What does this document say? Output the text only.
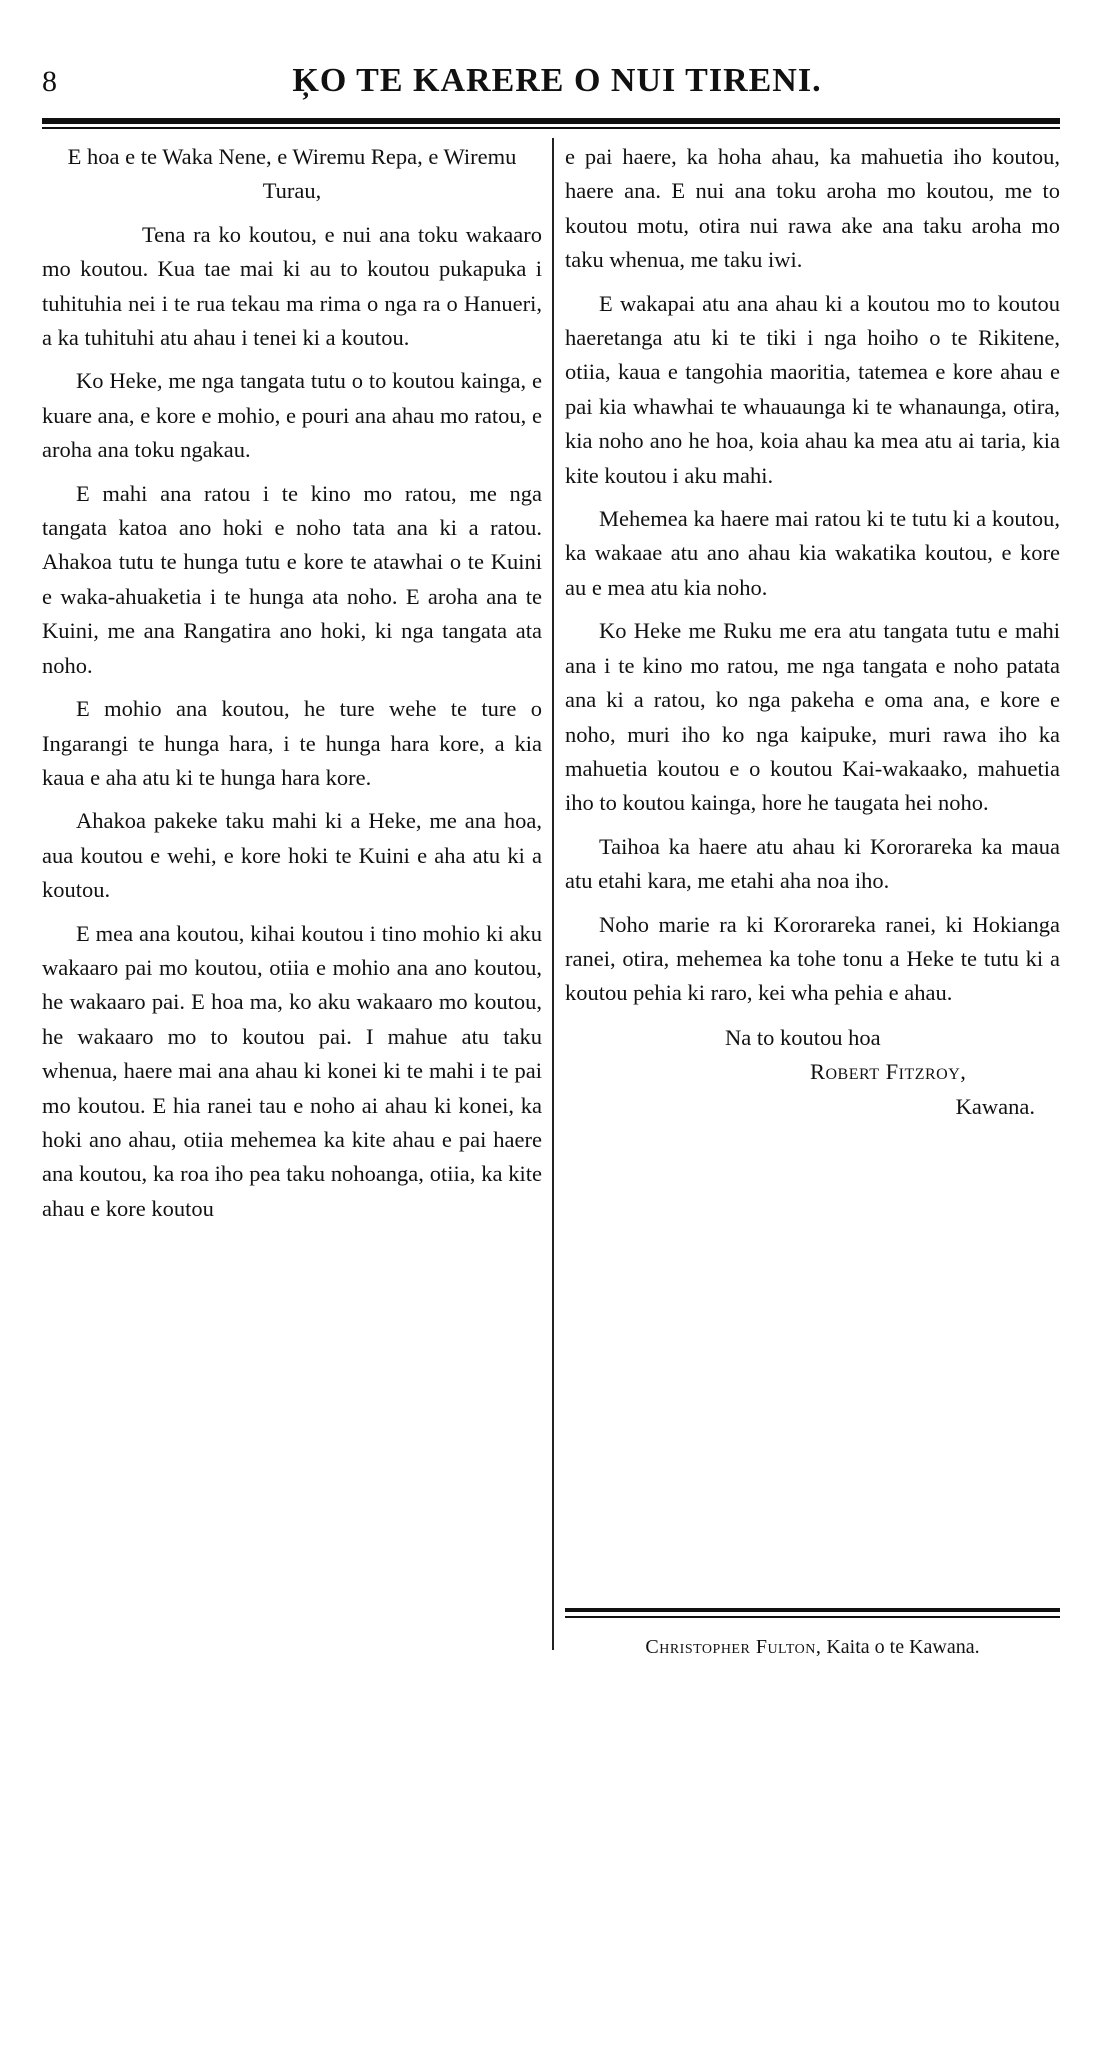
8	ĶO TE KARERE O NUI TIRENI.

E hoa e te Waka Nene, e Wiremu Repa, e Wiremu Turau,

Tena ra ko koutou, e nui ana toku wakaaro mo koutou. Kua tae mai ki au to koutou pukapuka i tuhituhia nei i te rua tekau ma rima o nga ra o Hanueri, a ka tuhituhi atu ahau i tenei ki a koutou.

Ko Heke, me nga tangata tutu o to koutou kainga, e kuare ana, e kore e mohio, e pouri ana ahau mo ratou, e aroha ana toku ngakau.

E mahi ana ratou i te kino mo ratou, me nga tangata katoa ano hoki e noho tata ana ki a ratou. Ahakoa tutu te hunga tutu e kore te atawhai o te Kuini e waka-ahuaketia i te hunga ata noho. E aroha ana te Kuini, me ana Rangatira ano hoki, ki nga tangata ata noho.

E mohio ana koutou, he ture wehe te ture o Ingarangi te hunga hara, i te hunga hara kore, a kia kaua e aha atu ki te hunga hara kore.

Ahakoa pakeke taku mahi ki a Heke, me ana hoa, aua koutou e wehi, e kore hoki te Kuini e aha atu ki a koutou.

E mea ana koutou, kihai koutou i tino mohio ki aku wakaaro pai mo koutou, otiia e mohio ana ano koutou, he wakaaro pai. E hoa ma, ko aku wakaaro mo koutou, he wakaaro mo to koutou pai. I mahue atu taku whenua, haere mai ana ahau ki konei ki te mahi i te pai mo koutou. E hia ranei tau e noho ai ahau ki konei, ka hoki ano ahau, otiia mehemea ka kite ahau e pai haere ana koutou, ka roa iho pea taku nohoanga, otiia, ka kite ahau e kore koutou

e pai haere, ka hoha ahau, ka mahuetia iho koutou, haere ana. E nui ana toku aroha mo koutou, me to koutou motu, otira nui rawa ake ana taku aroha mo taku whenua, me taku iwi.

E wakapai atu ana ahau ki a koutou mo to koutou haeretanga atu ki te tiki i nga hoiho o te Rikitene, otiia, kaua e tangohia maoritia, tatemea e kore ahau e pai kia whawhai te whauaunga ki te whanaunga, otira, kia noho ano he hoa, koia ahau ka mea atu ai taria, kia kite koutou i aku mahi.

Mehemea ka haere mai ratou ki te tutu ki a koutou, ka wakaae atu ano ahau kia wakatika koutou, e kore au e mea atu kia noho.

Ko Heke me Ruku me era atu tangata tutu e mahi ana i te kino mo ratou, me nga tangata e noho patata ana ki a ratou, ko nga pakeha e oma ana, e kore e noho, muri iho ko nga kaipuke, muri rawa iho ka mahuetia koutou e o koutou Kai-wakaako, mahuetia iho to koutou kainga, hore he taugata hei noho.

Taihoa ka haere atu ahau ki Kororareka ka maua atu etahi kara, me etahi aha noa iho.

Noho marie ra ki Kororareka ranei, ki Hokianga ranei, otira, mehemea ka tohe tonu a Heke te tutu ki a koutou pehia ki raro, kei wha pehia e ahau.

Na to koutou hoa
Robert Fitzroy,
Kawana.
Christopher Fulton, Kaita o te Kawana.
